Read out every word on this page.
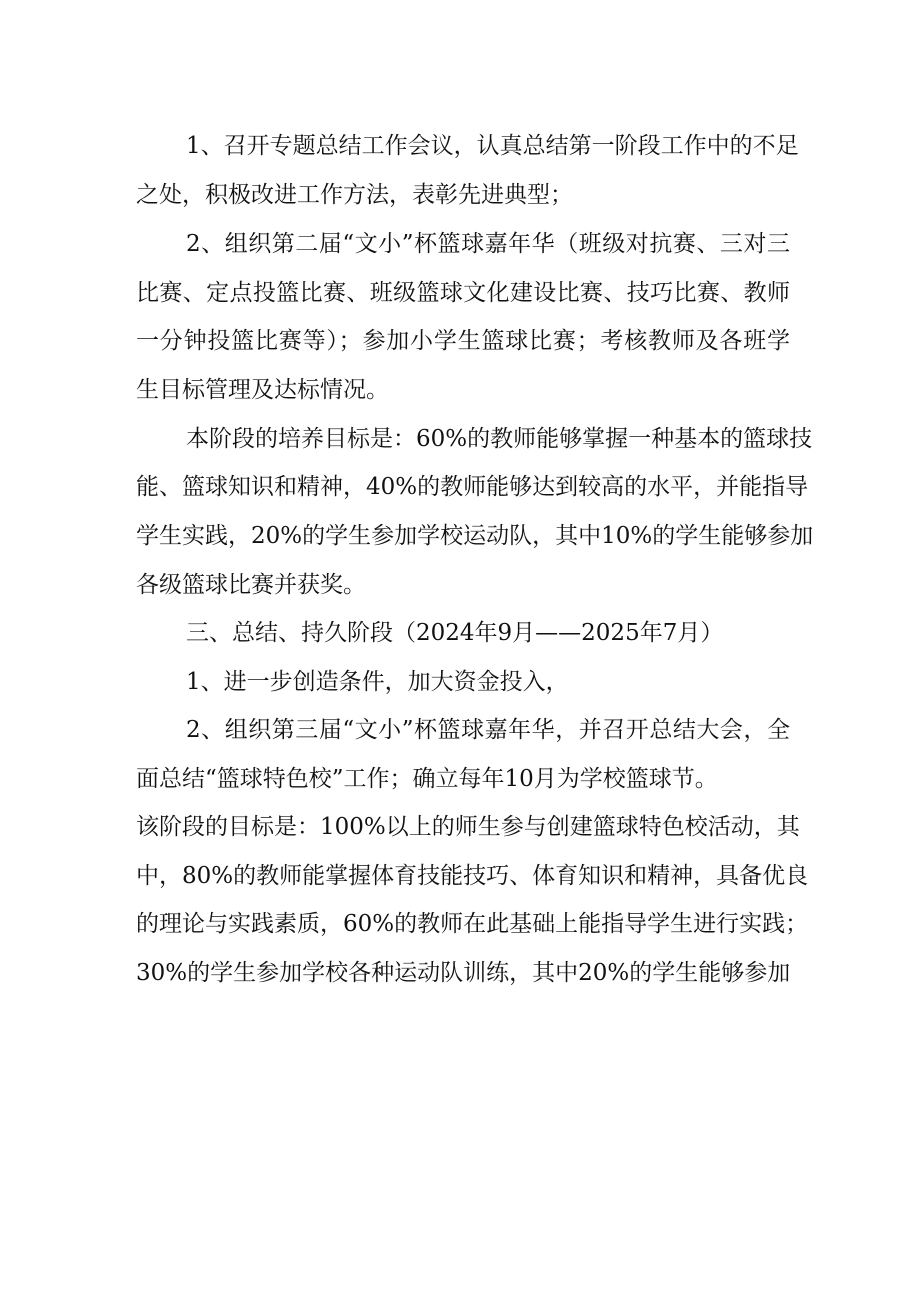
1、召开专题总结工作会议，认真总结第一阶段工作中的不足
之处，积极改进工作方法，表彰先进典型；
2、组织第二届“文小”杯篮球嘉年华（班级对抗赛、三对三
比赛、定点投篮比赛、班级篮球文化建设比赛、技巧比赛、教师
一分钟投篮比赛等）；参加小学生篮球比赛；考核教师及各班学
生目标管理及达标情况。
本阶段的培养目标是：60%的教师能够掌握一种基本的篮球技
能、篮球知识和精神，40%的教师能够达到较高的水平，并能指导
学生实践，20%的学生参加学校运动队，其中10%的学生能够参加
各级篮球比赛并获奖。
三、总结、持久阶段（2024年9月——2025年7月）
1、进一步创造条件，加大资金投入，
2、组织第三届“文小”杯篮球嘉年华，并召开总结大会，全
面总结“篮球特色校”工作；确立每年10月为学校篮球节。
该阶段的目标是：100%以上的师生参与创建篮球特色校活动，其
中，80%的教师能掌握体育技能技巧、体育知识和精神，具备优良
的理论与实践素质，60%的教师在此基础上能指导学生进行实践；
30%的学生参加学校各种运动队训练，其中20%的学生能够参加
